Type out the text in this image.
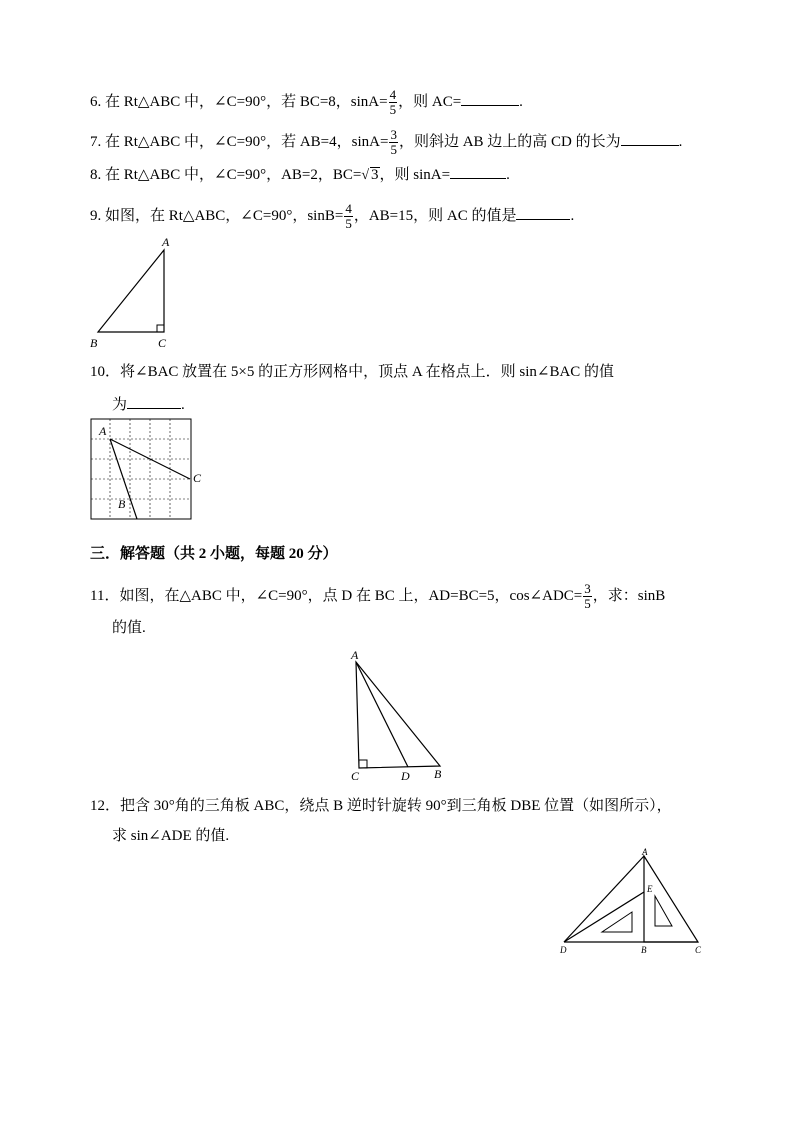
6. 在 Rt△ABC 中，∠C=90°，若 BC=8，$\sin A= \frac{4}{5}$ ，则 AC=	.
7. 在 Rt△ABC 中，∠C=90°，若 AB=4，$\sin A= \frac{3}{5}$ ，则斜边 AB 边上的高 CD 的长为	.
8. 在 Rt△ABC 中，∠C=90°，AB=2，BC=√ 3，则 sinA=	.
9. 如图，在 Rt△ABC，∠C=90°，$\sin B= \frac{4}{5}$ ，AB=15，则 AC 的值是	.
A
B	C
10．将∠BAC 放置在 5×5 的正方形网格中，顶点 A 在格点上．则 sin∠BAC 的值
为	.
A
B
C
三．解答题（共 2 小题，每题 20 分）
11．如图，在△ABC 中，∠C=90°，点 D 在 BC 上，AD=BC=5，cos∠ADC= $\frac{3}{5}$ ，求：sinB
的值.
A
C	D B
12．把含 30°角的三角板 ABC，绕点 B 逆时针旋转 90°到三角板 DBE 位置（如图所示），
求 sin∠ADE 的值.
A
E
D	B	C
